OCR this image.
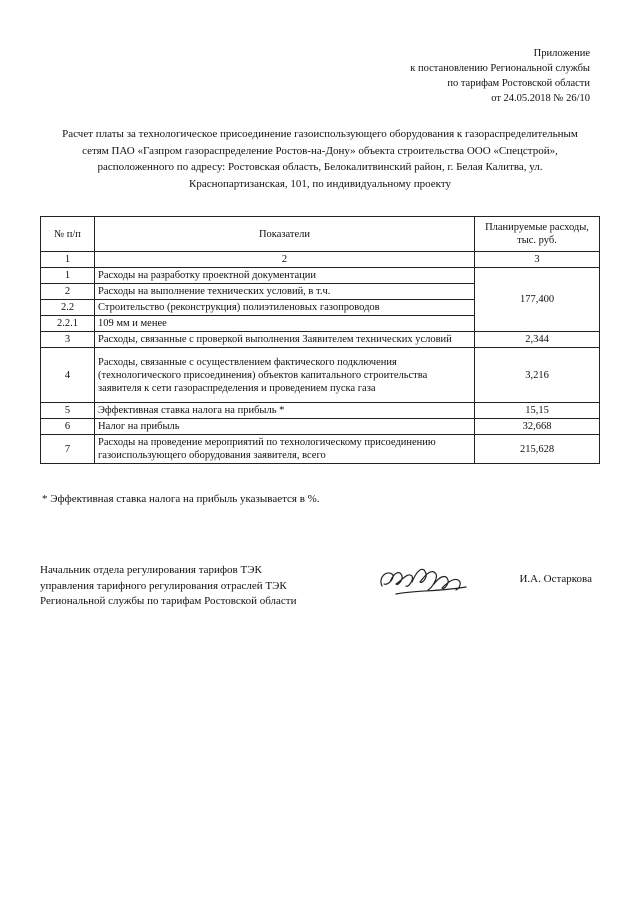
Приложение
к постановлению Региональной службы
по тарифам Ростовской области
от 24.05.2018 № 26/10
Расчет платы за технологическое присоединение газоиспользующего оборудования к газораспределительным
сетям ПАО «Газпром газораспределение Ростов-на-Дону» объекта строительства ООО «Спецстрой»,
расположенного по адресу: Ростовская область, Белокалитвинский район, г. Белая Калитва, ул.
Краснопартизанская, 101, по индивидуальному проекту
№ п/п	Показатели	Планируемые расходы, тыс. руб.
1	2	3
1	Расходы на разработку проектной документации	177,400
2	Расходы на выполнение технических условий, в т.ч.	
2.2	Строительство (реконструкция) полиэтиленовых газопроводов	
2.2.1	109 мм и менее	
3	Расходы, связанные с проверкой выполнения Заявителем технических условий	2,344
4	Расходы, связанные с осуществлением фактического подключения (технологического присоединения) объектов капитального строительства заявителя к сети газораспределения и проведением пуска газа	3,216
5	Эффективная ставка налога на прибыль *	15,15
6	Налог на прибыль	32,668
7	Расходы на проведение мероприятий по технологическому присоединению газоиспользующего оборудования заявителя, всего	215,628
* Эффективная ставка налога на прибыль указывается в %.
Начальник отдела регулирования тарифов ТЭК
управления тарифного регулирования отраслей ТЭК
Региональной службы по тарифам Ростовской области
И.А. Остаркова
